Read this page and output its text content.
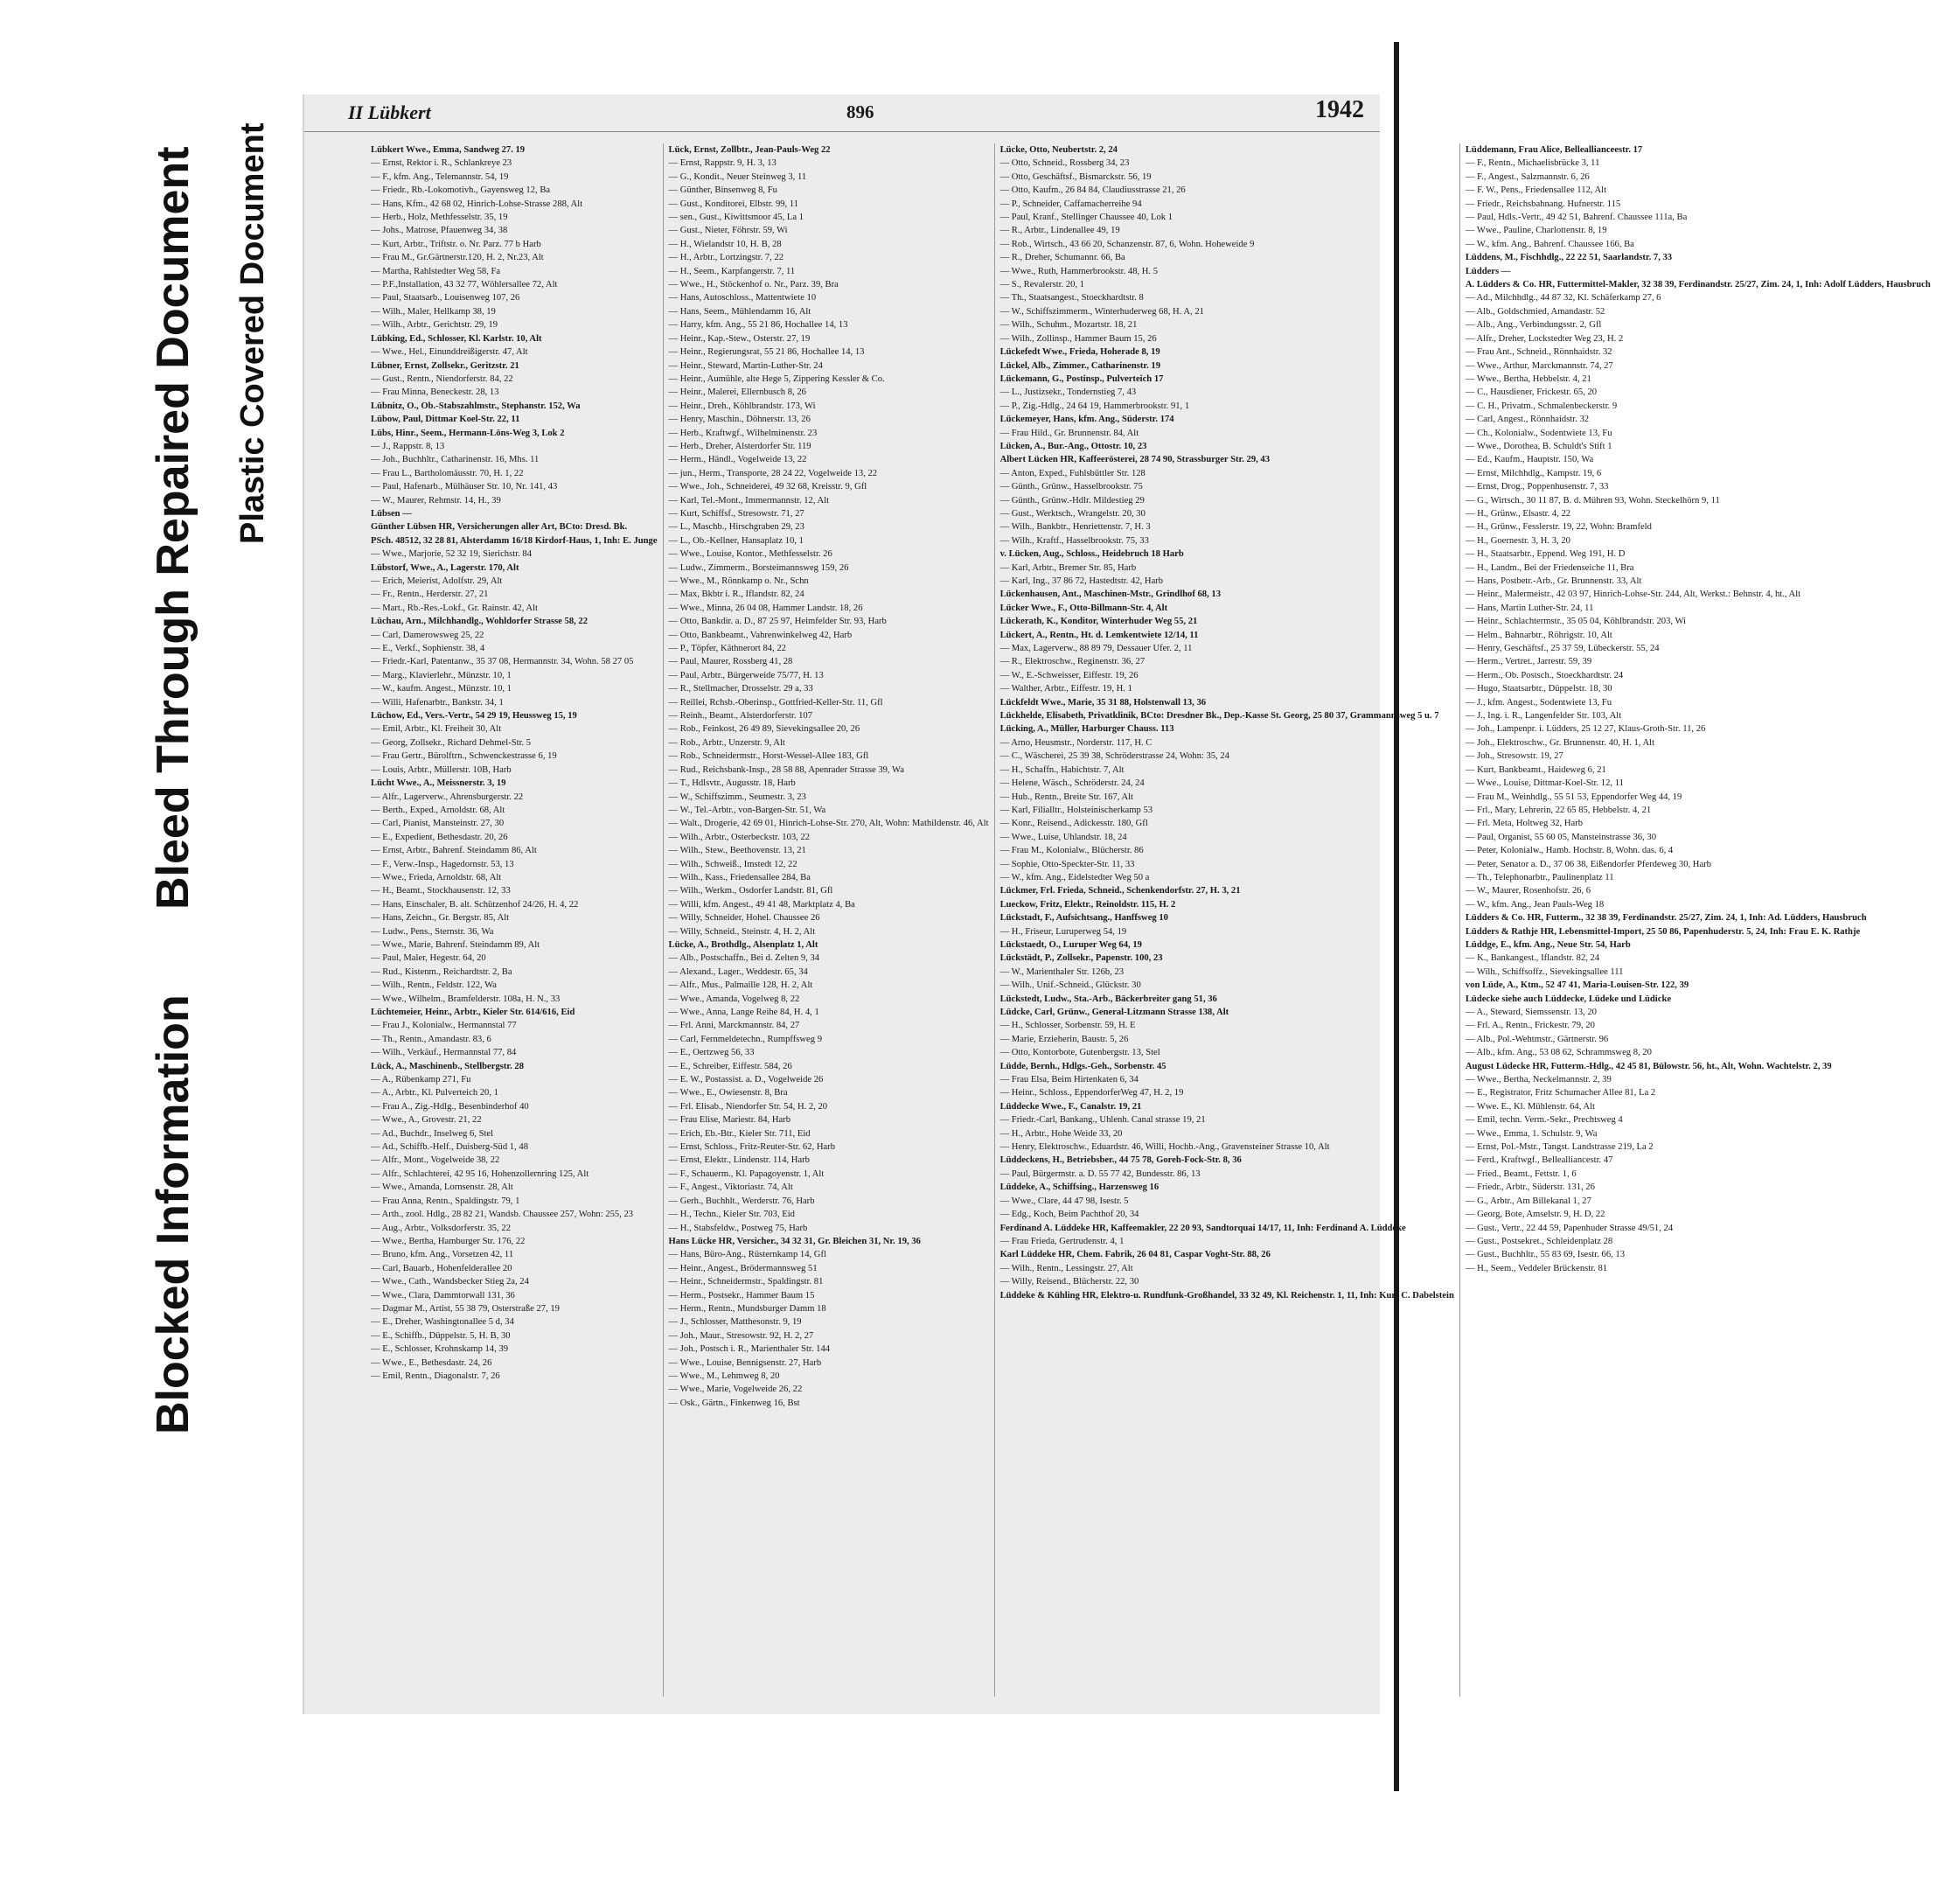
Blocked Information
Bleed Through Repaired Document Plastic Covered Document
II Lübkert	896	1942
Lübkert Wwe., Emma, Sandweg 27. 19
— Ernst, Rektor i. R., Schlankreye 23
— F., kfm. Ang., Telemannstr. 54, 19
— Friedr., Rb.-Lokomotivh., Gayensweg 12, Ba
— Hans, Kfm., 42 68 02, Hinrich-Lohse-Strasse 288, Alt
— Herb., Holz, Methfesselstr. 35, 19
— Johs., Matrose, Pfauenweg 34, 38
— Kurt, Arbtr., Triftstr. o. Nr. Parz. 77 b Harb
— Frau M., Gr.Gärtnerstr.120, H. 2, Nr.23, Alt
— Martha, Rahlstedter Weg 58, Fa
— P.F.,Installation, 43 32 77, Wöhlersallee 72, Alt
— Paul, Staatsarb., Louisenweg 107, 26
— Wilh., Maler, Hellkamp 38, 19
— Wilh., Arbtr., Gerichtstr. 29, 19
Lübking, Ed., Schlosser, Kl. Karlstr. 10, Alt
— Wwe., Hel., Einunddreißigerstr. 47, Alt
Lübner, Ernst, Zollsekr., Geritzstr. 21
— Gust., Rentn., Niendorferstr. 84, 22
— Frau Minna, Beneckestr. 28, 13
Lübnitz, O., Ob.-Stabszahlmstr., Stephanstr. 152, Wa
Lübow, Paul, Dittmar Koel-Str. 22, 11
Lübs, Hinr., Seem., Hermann-Löns-Weg 3, Lok 2
— J., Rappstr. 8, 13
— Joh., Buchhltr., Catharinenstr. 16, Mhs. 11
— Frau L., Bartholomäusstr. 70, H. 1, 22
— Paul, Hafenarb., Mülhäuser Str. 10, Nr. 141, 43
— W., Maurer, Rehmstr. 14, H., 39
Lübsen —
Günther Lübsen HR, Versicherungen aller Art, BCto: Dresd. Bk.
PSch. 48512, 32 28 81, Alsterdamm 16/18 Kirdorf-Haus, 1, Inh: E. Junge
— Wwe., Marjorie, 52 32 19, Sierichstr. 84
Lübstorf, Wwe., A., Lagerstr. 170, Alt
— Erich, Meierist, Adolfstr. 29, Alt
— Fr., Rentn., Herderstr. 27, 21
— Mart., Rb.-Res.-Lokf., Gr. Rainstr. 42, Alt
Lüchau, Arn., Milchhandlg., Wohldorfer Strasse 58, 22
— Carl, Damerowsweg 25, 22
— E., Verkf., Sophienstr. 38, 4
— Friedr.-Karl, Patentanw., 35 37 08, Hermannstr. 34, Wohn. 58 27 05
— Marg., Klavierlehr., Münzstr. 10, 1
— W., kaufm. Angest., Münzstr. 10, 1
— Willi, Hafenarbtr., Bankstr. 34, 1
Lüchow, Ed., Vers.-Vertr., 54 29 19, Heussweg 15, 19
— Emil, Arbtr., Kl. Freiheit 30, Alt
— Georg, Zollsekr., Richard Dehmel-Str. 5
— Frau Gertr., Bürolftrn., Schwenckestrasse 6, 19
— Louis, Arbtr., Müllerstr. 10B, Harb
Lücht Wwe., A., Meissnerstr. 3, 19
— Alfr., Lagerverw., Ahrensburgerstr. 22
— Berth., Exped., Arnoldstr. 68, Alt
— Carl, Pianist, Mansteinstr. 27, 30
— E., Expedient, Bethesdastr. 20, 26
— Ernst, Arbtr., Bahrenf. Steindamm 86, Alt
— F., Verw.-Insp., Hagedornstr. 53, 13
— Wwe., Frieda, Arnoldstr. 68, Alt
— H., Beamt., Stockhausenstr. 12, 33
— Hans, Einschaler, B. alt. Schützenhof 24/26, H. 4, 22
— Hans, Zeichn., Gr. Bergstr. 85, Alt
— Ludw., Pens., Sternstr. 36, Wa
— Wwe., Marie, Bahrenf. Steindamm 89, Alt
— Paul, Maler, Hegestr. 64, 20
— Rud., Kistenm., Reichardtstr. 2, Ba
— Wilh., Rentn., Feldstr. 122, Wa
— Wwe., Wilhelm., Bramfelderstr. 108a, H. N., 33
Lüchtemeier, Heinr., Arbtr., Kieler Str. 614/616, Eid
— Frau J., Kolonialw., Hermannstal 77
— Th., Rentn., Amandastr. 83, 6
— Wilh., Verkäuf., Hermannstal 77, 84
Lück, A., Maschinenb., Stellbergstr. 28
— A., Rübenkamp 271, Fu
— A., Arbtr., Kl. Pulverteich 20, 1
— Frau A., Zig.-Hdlg., Besenbinderhof 40
— Wwe., A., Grovestr. 21, 22
— Ad., Buchdr., Inselweg 6, Stel
— Ad., Schiffb.-Helf., Duisberg-Süd 1, 48
— Alfr., Mont., Vogelweide 38, 22
— Alfr., Schlachterei, 42 95 16, Hohenzollernring 125, Alt
— Wwe., Amanda, Lornsenstr. 28, Alt
— Frau Anna, Rentn., Spaldingstr. 79, 1
— Arth., zool. Hdlg., 28 82 21, Wandsb. Chaussee 257, Wohn: 255, 23
— Aug., Arbtr., Volksdorferstr. 35, 22
— Wwe., Bertha, Hamburger Str. 176, 22
— Bruno, kfm. Ang., Vorsetzen 42, 11
— Carl, Bauarb., Hohenfelderallee 20
— Wwe., Cath., Wandsbecker Stieg 2a, 24
— Wwe., Clara, Dammtorwall 131, 36
— Dagmar M., Artist, 55 38 79, Osterstraße 27, 19
— E., Dreher, Washingtonallee 5 d, 34
— E., Schiffb., Düppelstr. 5, H. B, 30
— E., Schlosser, Krohnskamp 14, 39
— Wwe., E., Bethesdastr. 24, 26
— Emil, Rentn., Diagonalstr. 7, 26
Lück, Ernst, Zollbtr., Jean-Pauls-Weg 22
— Ernst, Rappstr. 9, H. 3, 13
— G., Kondit., Neuer Steinweg 3, 11
— Günther, Binsenweg 8, Fu
— Gust., Konditorei, Elbstr. 99, 11
— sen., Gust., Kiwittsmoor 45, La 1
— Gust., Nieter, Föhrstr. 59, Wi
— H., Wielandstr 10, H. B, 28
— H., Arbtr., Lortzingstr. 7, 22
— H., Seem., Karpfangerstr. 7, 11
— Wwe., H., Stöckenhof o. Nr., Parz. 39, Bra
— Hans, Autoschloss., Mattentwiete 10
— Hans, Seem., Mühlendamm 16, Alt
— Harry, kfm. Ang., 55 21 86, Hochallee 14, 13
— Heinr., Kap.-Stew., Osterstr. 27, 19
— Heinr., Regierungsrat, 55 21 86, Hochallee 14, 13
— Heinr., Steward, Martin-Luther-Str. 24
— Heinr., Aumühle, alte Hege 5, Zippering Kessler & Co.
— Heinr., Malerei, Ellernbusch 8, 26
— Heinr., Dreh., Köhlbrandstr. 173, Wi
— Henry, Maschin., Döhnerstr. 13, 26
— Herb., Kraftwgf., Wilhelminenstr. 23
— Herb., Dreher, Alsterdorfer Str. 119
— Herm., Händl., Vogelweide 13, 22
— jun., Herm., Transporte, 28 24 22, Vogelweide 13, 22
— Wwe., Joh., Schneiderei, 49 32 68, Kreisstr. 9, Gfl
— Karl, Tel.-Mont., Immermannstr. 12, Alt
— Kurt, Schiffsf., Stresowstr. 71, 27
— L., Maschb., Hirschgraben 29, 23
— L., Ob.-Kellner, Hansaplatz 10, 1
— Wwe., Louise, Kontor., Methfesselstr. 26
— Ludw., Zimmerm., Borsteimannsweg 159, 26
— Wwe., M., Rönnkamp o. Nr., Schn
— Max, Bkbtr i. R., Iflandstr. 82, 24
— Wwe., Minna, 26 04 08, Hammer Landstr. 18, 26
— Otto, Bankdir. a. D., 87 25 97, Heimfelder Str. 93, Harb
— Otto, Bankbeamt., Vahrenwinkelweg 42, Harb
— P., Töpfer, Käthnerort 84, 22
— Paul, Maurer, Rossberg 41, 28
— Paul, Arbtr., Bürgerweide 75/77, H. 13
— R., Stellmacher, Drosselstr. 29 a, 33
— Reillei, Rchsb.-Oberinsp., Gottfried-Keller-Str. 11, Gfl
— Reinh., Beamt., Alsterdorferstr. 107
— Rob., Feinkost, 26 49 89, Sievekingsallee 20, 26
— Rob., Arbtr., Unzerstr. 9, Alt
— Rob., Schneidermstr., Horst-Wessel-Allee 183, Gfl
— Rud., Reichsbank-Insp., 28 58 88, Apenrader Strasse 39, Wa
— T., Hdlsvtr., Augusstr. 18, Harb
— W., Schiffszimm., Seumestr. 3, 23
— W., Tel.-Arbtr., von-Bargen-Str. 51, Wa
— Walt., Drogerie, 42 69 01, Hinrich-Lohse-Str. 270, Alt, Wohn: Mathildenstr. 46, Alt
— Wilh., Arbtr., Osterbeckstr. 103, 22
— Wilh., Stew., Beethovenstr. 13, 21
— Wilh., Schweiß., Imstedt 12, 22
— Wilh., Kass., Friedensallee 284, Ba
— Wilh., Werkm., Osdorfer Landstr. 81, Gfl
— Willi, kfm. Angest., 49 41 48, Marktplatz 4, Ba
— Willy, Schneider, Hohel. Chaussee 26
— Willy, Schneid., Steinstr. 4, H. 2, Alt
Lücke, A., Brothdlg., Alsenplatz 1, Alt
— Alb., Postschaffn., Bei d. Zelten 9, 34
— Alexand., Lager., Weddestr. 65, 34
— Alfr., Mus., Palmaille 128, H. 2, Alt
— Wwe., Amanda, Vogelweg 8, 22
— Wwe., Anna, Lange Reihe 84, H. 4, 1
— Frl. Anni, Marckmannstr. 84, 27
— Carl, Fernmeldetechn., Rumpffsweg 9
— E., Oertzweg 56, 33
— E., Schreiber, Eiffestr. 584, 26
— E. W., Postassist. a. D., Vogelweide 26
— Wwe., E., Owiesenstr. 8, Bra
— Frl. Elisab., Niendorfer Str. 54, H. 2, 20
— Frau Elise, Mariestr. 84, Harb
— Erich, Eb.-Btr., Kieler Str. 711, Eid
— Ernst, Schloss., Fritz-Reuter-Str. 62, Harb
— Ernst, Elektr., Lindenstr. 114, Harb
— F., Schauerm., Kl. Papagoyenstr. 1, Alt
— F., Angest., Viktoriastr. 74, Alt
— Gerh., Buchhlt., Werderstr. 76, Harb
— H., Techn., Kieler Str. 703, Eid
— H., Stabsfeldw., Postweg 75, Harb
Hans Lücke HR, Versicher., 34 32 31, Gr. Bleichen 31, Nr. 19, 36
— Hans, Büro-Ang., Rüsternkamp 14, Gfl
— Heinr., Angest., Brödermannsweg 51
— Heinr., Schneidermstr., Spaldingstr. 81
— Herm., Postsekr., Hammer Baum 15
— Herm., Rentn., Mundsburger Damm 18
— J., Schlosser, Matthesonstr. 9, 19
— Joh., Maur., Stresowstr. 92, H. 2, 27
— Joh., Postsch i. R., Marienthaler Str. 144
— Wwe., Louise, Bennigsenstr. 27, Harb
— Wwe., M., Lehmweg 8, 20
— Wwe., Marie, Vogelweide 26, 22
— Osk., Gärtn., Finkenweg 16, Bst
Lücke, Otto, Neubertstr. 2, 24
— Otto, Schneid., Rossberg 34, 23
— Otto, Geschäftsf., Bismarckstr. 56, 19
— Otto, Kaufm., 26 84 84, Claudiusstrasse 21, 26
— P., Schneider, Caffamacherreihe 94
— Paul, Kranf., Stellinger Chaussee 40, Lok 1
— R., Arbtr., Lindenallee 49, 19
— Rob., Wirtsch., 43 66 20, Schanzenstr. 87, 6, Wohn. Hoheweide 9
— R., Dreher, Schumannr. 66, Ba
— Wwe., Ruth, Hammerbrookstr. 48, H. 5
— S., Revalerstr. 20, 1
— Th., Staatsangest., Stoeckhardtstr. 8
— W., Schiffszimmerm., Winterhuderweg 68, H. A, 21
— Wilh., Schuhm., Mozartstr. 18, 21
— Wilh., Zollinsp., Hammer Baum 15, 26
Lückefedt Wwe., Frieda, Hoherade 8, 19
Lückel, Alb., Zimmer., Catharinenstr. 19
Lückemann, G., Postinsp., Pulverteich 17
— L., Justizsekr., Tondernstieg 7, 43
— P., Zig.-Hdlg., 24 64 19, Hammerbrookstr. 91, 1
Lückemeyer, Hans, kfm. Ang., Süderstr. 174
— Frau Hild., Gr. Brunnenstr. 84, Alt
Lücken, A., Bur.-Ang., Ottostr. 10, 23
Albert Lücken HR, Kaffeerösterei, 28 74 90, Strassburger Str. 29, 43
— Anton, Exped., Fuhlsbüttler Str. 128
— Günth., Grünw., Hasselbrookstr. 75
— Günth., Grünw.-Hdlr. Mildestieg 29
— Gust., Werktsch., Wrangelstr. 20, 30
— Wilh., Bankbtr., Henriettenstr. 7, H. 3
— Wilh., Kraftf., Hasselbrookstr. 75, 33
v. Lücken, Aug., Schloss., Heidebruch 18 Harb
— Karl, Arbtr., Bremer Str. 85, Harb
— Karl, Ing., 37 86 72, Hastedtstr. 42, Harb
Lückenhausen, Ant., Maschinen-Mstr., Grindlhof 68, 13
Lücker Wwe., F., Otto-Billmann-Str. 4, Alt
Lückerath, K., Konditor, Winterhuder Weg 55, 21
Lückert, A., Rentn., Ht. d. Lemkentwiete 12/14, 11
— Max, Lagerverw., 88 89 79, Dessauer Ufer. 2, 11
— R., Elektroschw., Reginenstr. 36, 27
— W., E.-Schweisser, Eiffestr. 19, 26
— Walther, Arbtr., Eiffestr. 19, H. 1
Lückfeldt Wwe., Marie, 35 31 88, Holstenwall 13, 36
Lückhelde, Elisabeth, Privatklinik, BCto: Dresdner Bk., Dep.-Kasse St. Georg, 25 80 37, Grammannsweg 5 u. 7
Lücking, A., Müller, Harburger Chauss. 113
— Arno, Heusmstr., Norderstr. 117, H. C
— C., Wäscherei, 25 39 38, Schröderstrasse 24, Wohn: 35, 24
— H., Schaffn., Habichtstr. 7, Alt
— Helene, Wäsch., Schröderstr. 24, 24
— Hub., Rentn., Breite Str. 167, Alt
— Karl, Filialltr., Holsteinischerkamp 53
— Konr., Reisend., Adickesstr. 180, Gfl
— Wwe., Luise, Uhlandstr. 18, 24
— Frau M., Kolonialw., Blücherstr. 86
— Sophie, Otto-Speckter-Str. 11, 33
— W., kfm. Ang., Eidelstedter Weg 50 a
Lückmer, Frl. Frieda, Schneid., Schenkendorfstr. 27, H. 3, 21
Lueckow, Fritz, Elektr., Reinoldstr. 115, H. 2
Lückstadt, F., Aufsichtsang., Hanffsweg 10
— H., Friseur, Luruperweg 54, 19
Lückstaedt, O., Luruper Weg 64, 19
Lückstädt, P., Zollsekr., Papenstr. 100, 23
— W., Marienthaler Str. 126b, 23
— Wilh., Unif.-Schneid., Glückstr. 30
Lückstedt, Ludw., Sta.-Arb., Bäckerbreiter gang 51, 36
Lüdcke, Carl, Grünw., General-Litzmann Strasse 138, Alt
— H., Schlosser, Sorbenstr. 59, H. E
— Marie, Erzieherin, Baustr. 5, 26
— Otto, Kontorbote, Gutenbergstr. 13, Stel
Lüdde, Bernh., Hdlgs.-Geh., Sorbenstr. 45
— Frau Elsa, Beim Hirtenkaten 6, 34
— Heinr., Schloss., EppendorferWeg 47, H. 2, 19
Lüddecke Wwe., F., Canalstr. 19, 21
— Friedr.-Carl, Bankang., Uhlenh. Canal strasse 19, 21
— H., Arbtr., Hohe Weide 33, 20
— Henry, Elektroschw., Eduardstr. 46, Willi, Hochb.-Ang., Gravensteiner Strasse 10, Alt
Lüddeckens, H., Betriebsber., 44 75 78, Goreh-Fock-Str. 8, 36
— Paul, Bürgermstr. a. D. 55 77 42, Bundesstr. 86, 13
Lüddeke, A., Schiffsing., Harzensweg 16
— Wwe., Clare, 44 47 98, Isestr. 5
— Edg., Koch, Beim Pachthof 20, 34
Ferdinand A. Lüddeke HR, Kaffeemakler, 22 20 93, Sandtorquai 14/17, 11, Inh: Ferdinand A. Lüddeke
— Frau Frieda, Gertrudenstr. 4, 1
Karl Lüddeke HR, Chem. Fabrik, 26 04 81, Caspar Voght-Str. 88, 26
— Wilh., Rentn., Lessingstr. 27, Alt
— Willy, Reisend., Blücherstr. 22, 30
Lüddeke & Kühling HR, Elektro-u. Rundfunk-Großhandel, 33 32 49, Kl. Reichenstr. 1, 11, Inh: Kurt C. Dabelstein
Lüddemann, Frau Alice, Belleallianceestr. 17
— F., Rentn., Michaelisbrücke 3, 11
— F., Angest., Salzmannstr. 6, 26
— F. W., Pens., Friedensallee 112, Alt
— Friedr., Reichsbahnang. Hufnerstr. 115
— Paul, Hdls.-Vertr., 49 42 51, Bahrenf. Chaussee 111a, Ba
— Wwe., Pauline, Charlottenstr. 8, 19
— W., kfm. Ang., Bahrenf. Chaussee 166, Ba
Lüddens, M., Fischhdlg., 22 22 51, Saarlandstr. 7, 33
Lüdders —
A. Lüdders & Co. HR, Futtermittel-Makler, 32 38 39, Ferdinandstr. 25/27, Zim. 24, 1, Inh: Adolf Lüdders, Hausbruch
— Ad., Milchhdlg., 44 87 32, Kl. Schäferkamp 27, 6
— Alb., Goldschmied, Amandastr. 52
— Alb., Ang., Verbindungsstr. 2, Gfl
— Alfr., Dreher, Lockstedter Weg 23, H. 2
— Frau Ant., Schneid., Rönnhaidstr. 32
— Wwe., Arthur, Marckmannstr. 74, 27
— Wwe., Bertha, Hebbelstr. 4, 21
— C., Hausdiener, Frickestr. 65, 20
— C. H., Privatm., Schmalenbeckerstr. 9
— Carl, Angest., Rönnhaidstr. 32
— Ch., Kolonialw., Sodentwiete 13, Fu
— Wwe., Dorothea, B. Schuldt's Stift 1
— Ed., Kaufm., Hauptstr. 150, Wa
— Ernst, Milchhdlg., Kampstr. 19, 6
— Ernst, Drog., Poppenhusenstr. 7, 33
— G., Wirtsch., 30 11 87, B. d. Mühren 93, Wohn. Steckelhörn 9, 11
— H., Grünw., Elsastr. 4, 22
— H., Grünw., Fesslerstr. 19, 22, Wohn: Bramfeld
— H., Goernestr. 3, H. 3, 20
— H., Staatsarbtr., Eppend. Weg 191, H. D
— H., Landm., Bei der Friedenseiche 11, Bra
— Hans, Postbetr.-Arb., Gr. Brunnenstr. 33, Alt
— Heinr., Malermeistr., 42 03 97, Hinrich-Lohse-Str. 244, Alt, Werkst.: Behnstr. 4, ht., Alt
— Hans, Martin Luther-Str. 24, 11
— Heinr., Schlachtermstr., 35 05 04, Köhlbrandstr. 203, Wi
— Helm., Bahnarbtr., Röhrigstr. 10, Alt
— Henry, Geschäftsf., 25 37 59, Lübeckerstr. 55, 24
— Herm., Vertret., Jarrestr. 59, 39
— Herm., Ob. Postsch., Stoeckhardtstr. 24
— Hugo, Staatsarbtr., Düppelstr. 18, 30
— J., kfm. Angest., Sodentwiete 13, Fu
— J., Ing. i. R., Langenfelder Str. 103, Alt
— Joh., Lampenpr. i. Lüdders, 25 12 27, Klaus-Groth-Str. 11, 26
— Joh., Elektroschw., Gr. Brunnenstr. 40, H. 1, Alt
— Joh., Stresowstr. 19, 27
— Kurt, Bankbeamt., Haideweg 6, 21
— Wwe., Louise, Dittmar-Koel-Str. 12, 11
— Frau M., Weinhdlg., 55 51 53, Eppendorfer Weg 44, 19
— Frl., Mary, Lehrerin, 22 65 85, Hebbelstr. 4, 21
— Frl. Meta, Holtweg 32, Harb
— Paul, Organist, 55 60 05, Mansteinstrasse 36, 30
— Peter, Kolonialw., Hamb. Hochstr. 8, Wohn. das. 6, 4
— Peter, Senator a. D., 37 06 38, Eißendorfer Pferdeweg 30, Harb
— Th., Telephonarbtr., Paulinenplatz 11
— W., Maurer, Rosenhofstr. 26, 6
— W., kfm. Ang., Jean Pauls-Weg 18
Lüdders & Co. HR, Futterm., 32 38 39, Ferdinandstr. 25/27, Zim. 24, 1, Inh: Ad. Lüdders, Hausbruch
Lüdders & Rathje HR, Lebensmittel-Import, 25 50 86, Papenhuderstr. 5, 24, Inh: Frau E. K. Rathje
Lüddge, E., kfm. Ang., Neue Str. 54, Harb
— K., Bankangest., Iflandstr. 82, 24
— Wilh., Schiffsoffz., Sievekingsallee 111
von Lüde, A., Ktm., 52 47 41, Maria-Louisen-Str. 122, 39
Lüdecke siehe auch Lüddecke, Lüdeke und Lüdicke
— A., Steward, Siemssenstr. 13, 20
— Frl. A., Rentn., Frickestr. 79, 20
— Alb., Pol.-Wehtmstr., Gärtnerstr. 96
— Alb., kfm. Ang., 53 08 62, Schrammsweg 8, 20
August Lüdecke HR, Futterm.-Hdlg., 42 45 81, Bülowstr. 56, ht., Alt, Wohn. Wachtelstr. 2, 39
— Wwe., Bertha, Neckelmannstr. 2, 39
— E., Registrator, Fritz Schumacher Allee 81, La 2
— Wwe. E., Kl. Mühlenstr. 64, Alt
— Emil, techn. Verm.-Sekr., Prechtsweg 4
— Wwe., Emma, 1. Schulstr. 9, Wa
— Ernst, Pol.-Mstr., Tangst. Landstrasse 219, La 2
— Ferd., Kraftwgf., Bellealliancestr. 47
— Fried., Beamt., Fettstr. 1, 6
— Friedr., Arbtr., Süderstr. 131, 26
— G., Arbtr., Am Billekanal 1, 27
— Georg, Bote, Amselstr. 9, H. D, 22
— Gust., Vertr., 22 44 59, Papenhuder Strasse 49/51, 24
— Gust., Postsekret., Schleidenplatz 28
— Gust., Buchhltr., 55 83 69, Isestr. 66, 13
— H., Seem., Veddeler Brückenstr. 81
